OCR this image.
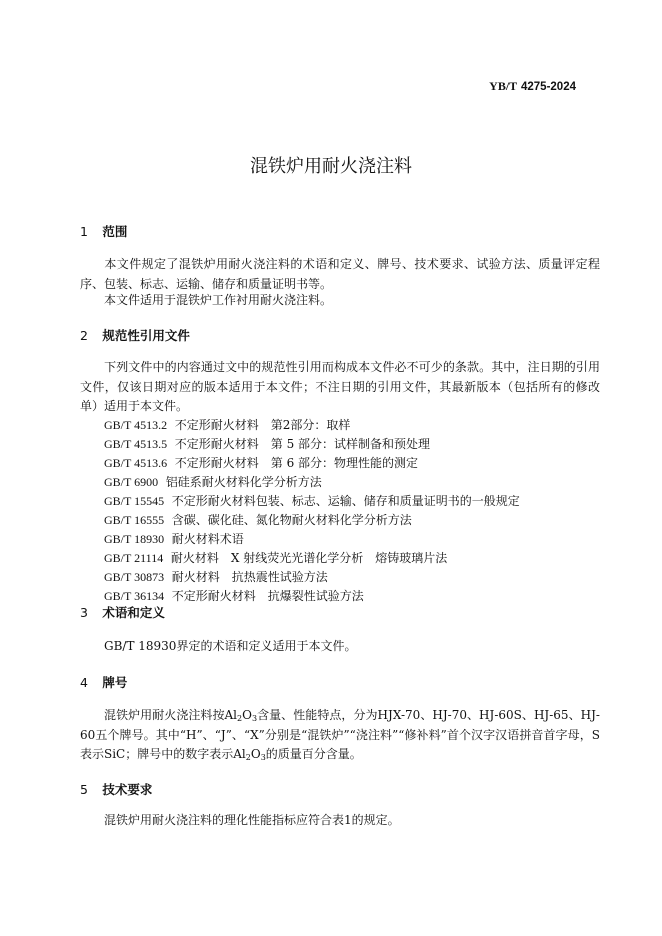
YB/T 4275-2024
混铁炉用耐火浇注料
1 范围
本文件规定了混铁炉用耐火浇注料的术语和定义、牌号、技术要求、试验方法、质量评定程序、包装、标志、运输、储存和质量证明书等。
本文件适用于混铁炉工作衬用耐火浇注料。
2 规范性引用文件
下列文件中的内容通过文中的规范性引用而构成本文件必不可少的条款。其中，注日期的引用文件，仅该日期对应的版本适用于本文件；不注日期的引用文件，其最新版本（包括所有的修改单）适用于本文件。
GB/T 4513.2 不定形耐火材料　第2部分：取样
GB/T 4513.5 不定形耐火材料　第 5 部分：试样制备和预处理
GB/T 4513.6 不定形耐火材料　第 6 部分：物理性能的测定
GB/T 6900 铝硅系耐火材料化学分析方法
GB/T 15545 不定形耐火材料包装、标志、运输、储存和质量证明书的一般规定
GB/T 16555 含碳、碳化硅、氮化物耐火材料化学分析方法
GB/T 18930 耐火材料术语
GB/T 21114 耐火材料　X 射线荧光光谱化学分析　熔铸玻璃片法
GB/T 30873 耐火材料　抗热震性试验方法
GB/T 36134 不定形耐火材料　抗爆裂性试验方法
3 术语和定义
GB/T 18930界定的术语和定义适用于本文件。
4 牌号
混铁炉用耐火浇注料按$Al_2O_3$含量、性能特点，分为HJX-70、HJ-70、HJ-60S、HJ-65、HJ-60五个牌号。其中“H”、“J”、“X”分别是“混铁炉”“浇注料”“修补料”首个汉字汉语拼音首字母，S表示SiC；牌号中的数字表示$Al_2O_3$的质量百分含量。
5 技术要求
混铁炉用耐火浇注料的理化性能指标应符合表1的规定。
